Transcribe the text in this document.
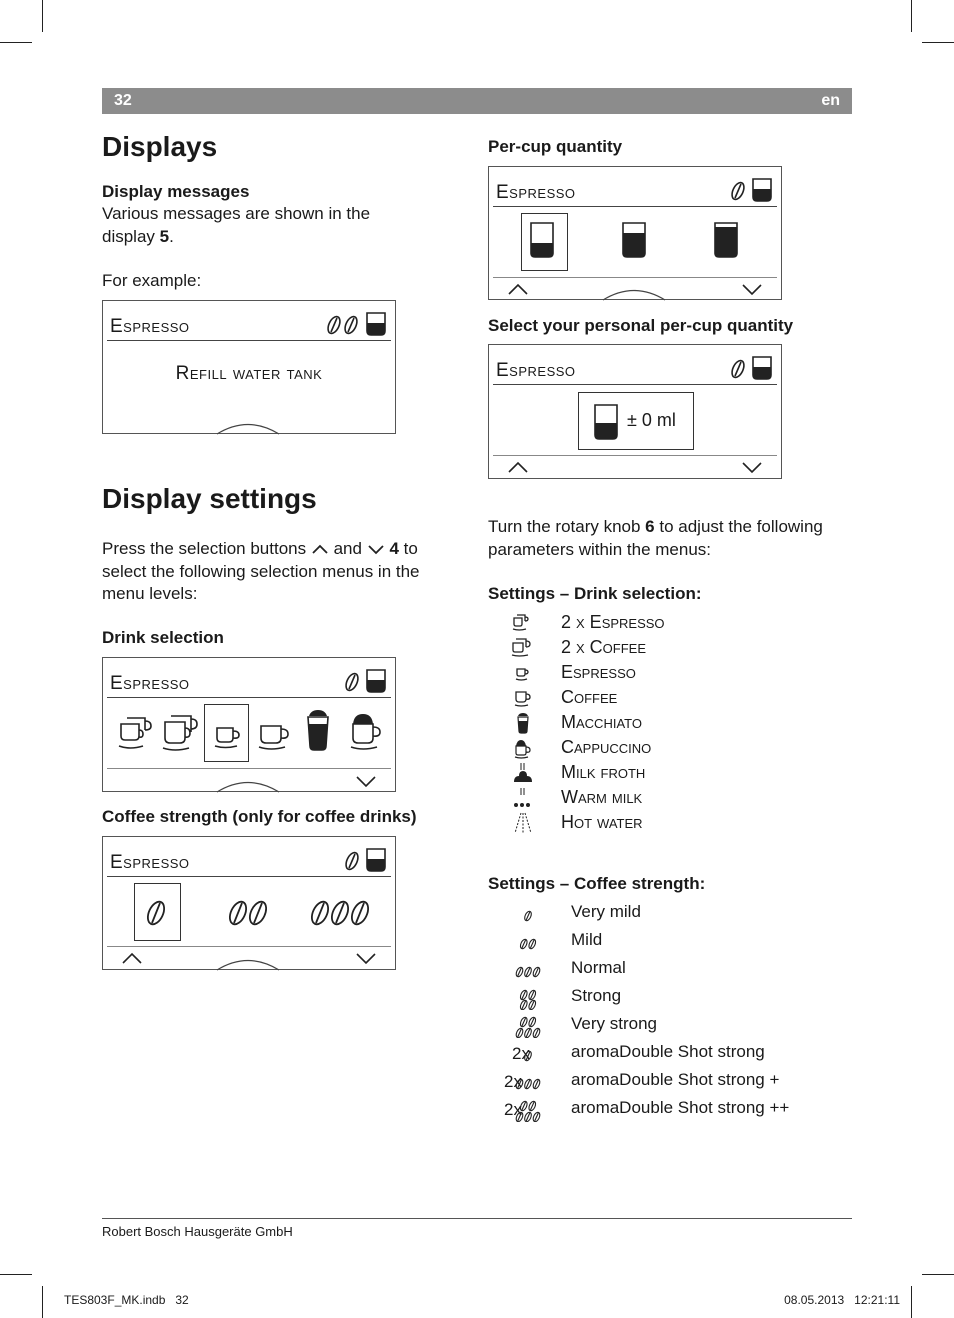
32	en
Displays
Display messages
Various messages are shown in the display 5.
For example:
Espresso
Refill water tank
Display settings
Press the selection buttons and 4 to select the following selection menus in the menu levels:
Drink selection
Espresso
Coffee strength (only for coffee drinks)
Espresso
Per-cup quantity
Espresso
Select your personal per-cup quantity
Espresso
± 0 ml
Turn the rotary knob 6 to adjust the following parameters within the menus:
Settings – Drink selection:
2 x Espresso
2 x Coffee
Espresso
Coffee
Macchiato
Cappuccino
Milk froth
Warm milk
Hot water
Settings – Coffee strength:
Very mild
Mild
Normal
Strong
Very strong
2x aromaDouble Shot strong
2x	aromaDouble Shot strong +
2x	aromaDouble Shot strong ++
Robert Bosch Hausgeräte GmbH
TES803F_MK.indb   32	08.05.2013   12:21:11
